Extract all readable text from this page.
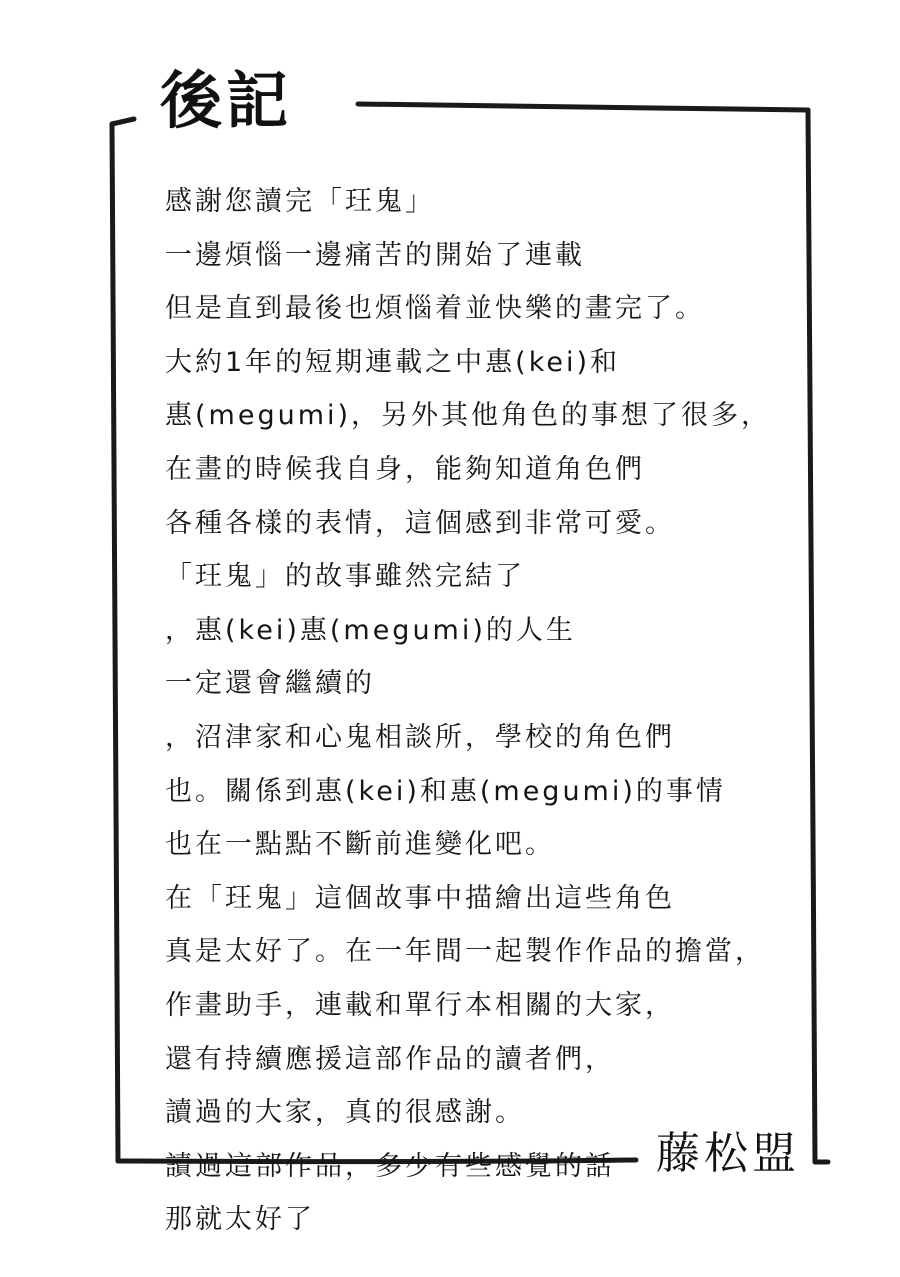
後記
感謝您讀完「玨鬼」
一邊煩惱一邊痛苦的開始了連載
但是直到最後也煩惱着並快樂的畫完了。
大約1年的短期連載之中惠(kei)和
惠(megumi)，另外其他角色的事想了很多，
在畫的時候我自身，能夠知道角色們
各種各樣的表情，這個感到非常可愛。
「玨鬼」的故事雖然完結了
，惠(kei)惠(megumi)的人生
一定還會繼續的
，沼津家和心鬼相談所，學校的角色們
也。關係到惠(kei)和惠(megumi)的事情
也在一點點不斷前進變化吧。
在「玨鬼」這個故事中描繪出這些角色
真是太好了。在一年間一起製作作品的擔當，
作畫助手，連載和單行本相關的大家，
還有持續應援這部作品的讀者們，
讀過的大家，真的很感謝。
讀過這部作品，多少有些感覺的話
那就太好了
藤松盟
